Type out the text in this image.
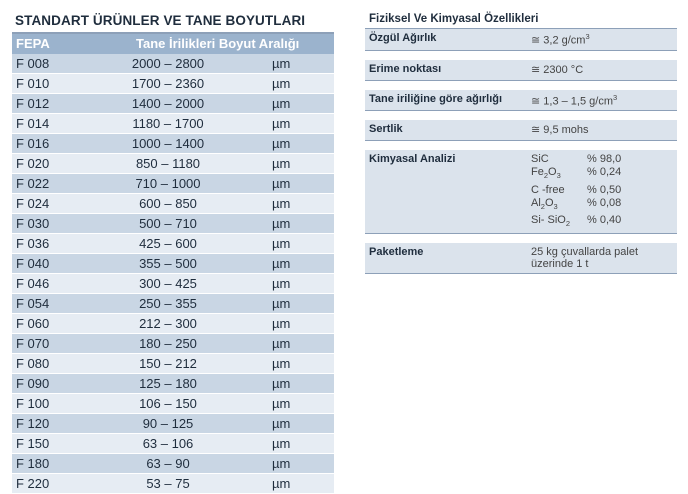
STANDART ÜRÜNLER VE TANE BOYUTLARI
FEPA	Tane İrilikleri Boyut Aralığı
F 008	2000 – 2800	µm
F 010	1700 – 2360	µm
F 012	1400 – 2000	µm
F 014	1180 – 1700	µm
F 016	1000 – 1400	µm
F 020	850 – 1180	µm
F 022	710 – 1000	µm
F 024	600 – 850	µm
F 030	500 – 710	µm
F 036	425 – 600	µm
F 040	355 – 500	µm
F 046	300 – 425	µm
F 054	250 – 355	µm
F 060	212 – 300	µm
F 070	180 – 250	µm
F 080	150 – 212	µm
F 090	125 – 180	µm
F 100	106 – 150	µm
F 120	90 – 125	µm
F 150	63 – 106	µm
F 180	63 – 90	µm
F 220	53 – 75	µm
Fiziksel Ve Kimyasal Özellikleri
Özgül Ağırlık	≅ 3,2 $g/cm^3$
Erime noktası	≅ 2300 °C
Tane iriliğine göre ağırlığı	≅ 1,3 – 1,5 $g/cm^3$
Sertlik	≅ 9,5 mohs
Kimyasal Analizi	SiC	% 98,0
$Fe_2O_3$	% 0,24
C -free	% 0,50
$Al_2O_3$	% 0,08
Si- SiO$_2$	% 0,40
Paketleme	25 kg çuvallarda palet
üzerinde 1 t
